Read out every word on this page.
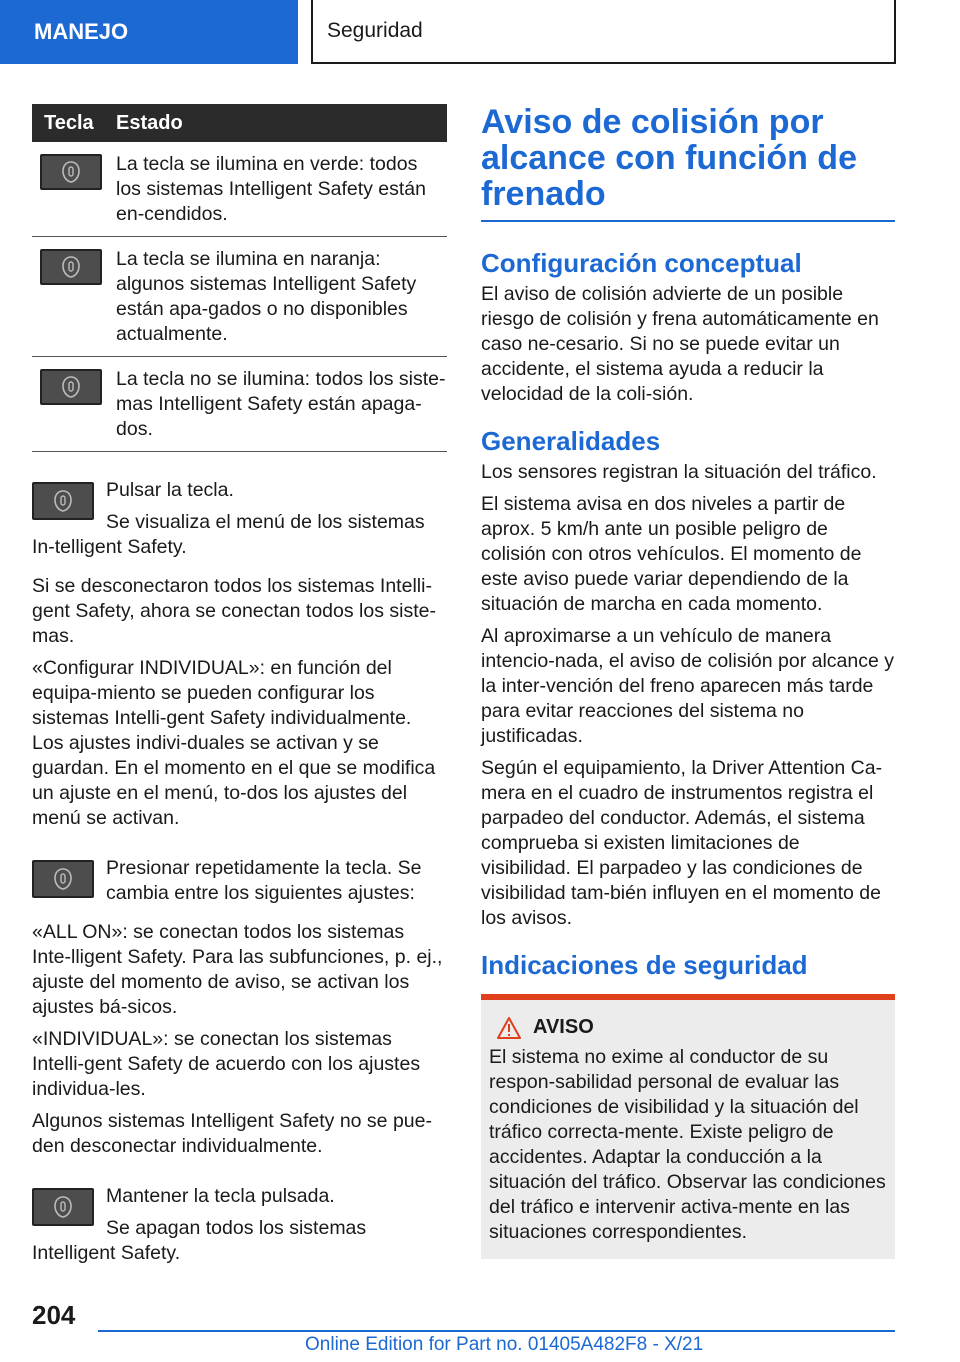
MANEJO	Seguridad
Tecla	Estado
La tecla se ilumina en verde: todos los sistemas Intelligent Safety están en-cendidos.
La tecla se ilumina en naranja: algunos sistemas Intelligent Safety están apa-gados o no disponibles actualmente.
La tecla no se ilumina: todos los siste-mas Intelligent Safety están apaga-dos.

Pulsar la tecla.

Se visualiza el menú de los sistemas In-telligent Safety.

Si se desconectaron todos los sistemas Intelli-gent Safety, ahora se conectan todos los siste-mas.

«Configurar INDIVIDUAL»: en función del equipa-miento se pueden configurar los sistemas Intelli-gent Safety individualmente. Los ajustes indivi-duales se activan y se guardan. En el momento en el que se modifica un ajuste en el menú, to-dos los ajustes del menú se activan.

Presionar repetidamente la tecla. Se cambia entre los siguientes ajustes:

«ALL ON»: se conectan todos los sistemas Inte-lligent Safety. Para las subfunciones, p. ej., ajuste del momento de aviso, se activan los ajustes bá-sicos.

«INDIVIDUAL»: se conectan los sistemas Intelli-gent Safety de acuerdo con los ajustes individua-les.

Algunos sistemas Intelligent Safety no se pue-den desconectar individualmente.

Mantener la tecla pulsada.

Se apagan todos los sistemas Intelligent Safety.

Aviso de colisión por alcance con función de frenado
Configuración conceptual

El aviso de colisión advierte de un posible riesgo de colisión y frena automáticamente en caso ne-cesario. Si no se puede evitar un accidente, el sistema ayuda a reducir la velocidad de la coli-sión.

Generalidades

Los sensores registran la situación del tráfico.

El sistema avisa en dos niveles a partir de aprox. 5 km/h ante un posible peligro de colisión con otros vehículos. El momento de este aviso puede variar dependiendo de la situación de marcha en cada momento.

Al aproximarse a un vehículo de manera intencio-nada, el aviso de colisión por alcance y la inter-vención del freno aparecen más tarde para evitar reacciones del sistema no justificadas.

Según el equipamiento, la Driver Attention Ca-mera en el cuadro de instrumentos registra el parpadeo del conductor. Además, el sistema comprueba si existen limitaciones de visibilidad. El parpadeo y las condiciones de visibilidad tam-bién influyen en el momento de los avisos.

Indicaciones de seguridad
AVISO

El sistema no exime al conductor de su respon-sabilidad personal de evaluar las condiciones de visibilidad y la situación del tráfico correcta-mente. Existe peligro de accidentes. Adaptar la conducción a la situación del tráfico. Observar las condiciones del tráfico e intervenir activa-mente en las situaciones correspondientes.

204
Online Edition for Part no. 01405A482F8 - X/21
